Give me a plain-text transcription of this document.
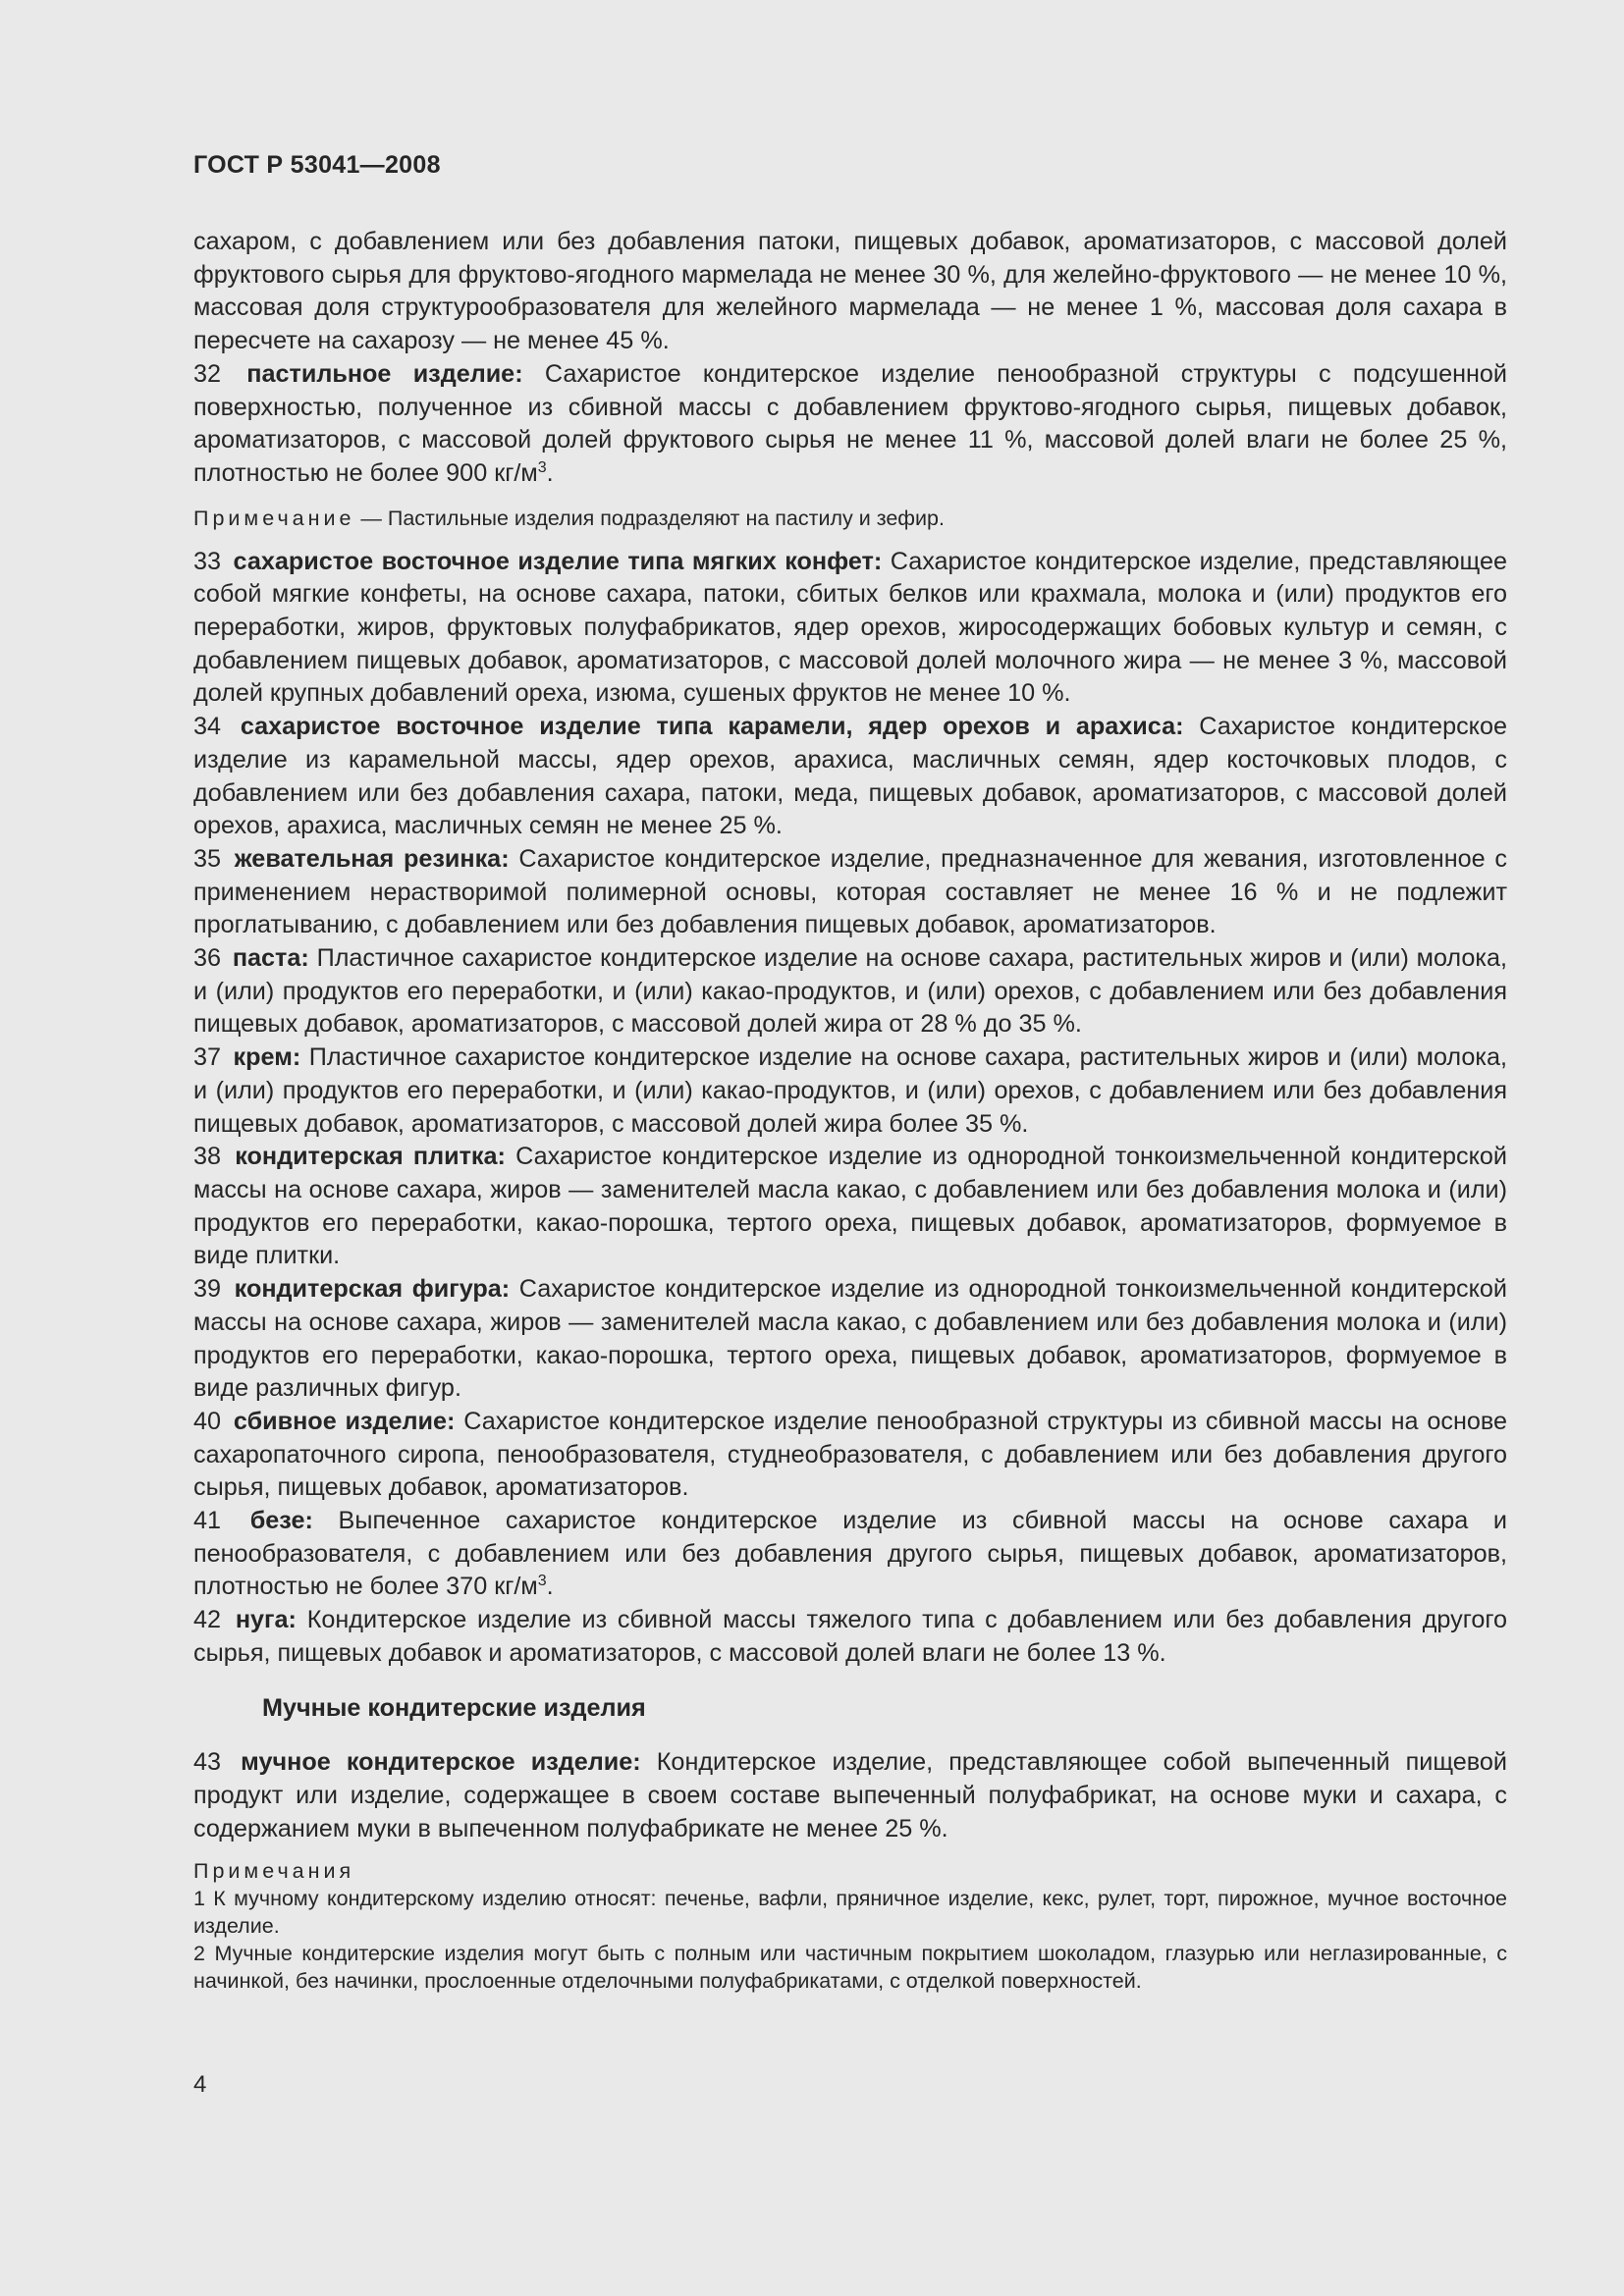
ГОСТ Р 53041—2008

сахаром, с добавлением или без добавления патоки, пищевых добавок, ароматизаторов, с массовой долей фруктового сырья для фруктово-ягодного мармелада не менее 30 %, для желейно-фруктового — не менее 10 %, массовая доля структурообразователя для желейного мармелада — не менее 1 %, массовая доля сахара в пересчете на сахарозу — не менее 45 %.

32 пастильное изделие: Сахаристое кондитерское изделие пенообразной структуры с подсушенной поверхностью, полученное из сбивной массы с добавлением фруктово-ягодного сырья, пищевых добавок, ароматизаторов, с массовой долей фруктового сырья не менее 11 %, массовой долей влаги не более 25 %, плотностью не более 900 $кг/м^3$.

Примечание — Пастильные изделия подразделяют на пастилу и зефир.

33 сахаристое восточное изделие типа мягких конфет: Сахаристое кондитерское изделие, представляющее собой мягкие конфеты, на основе сахара, патоки, сбитых белков или крахмала, молока и (или) продуктов его переработки, жиров, фруктовых полуфабрикатов, ядер орехов, жиросодержащих бобовых культур и семян, с добавлением пищевых добавок, ароматизаторов, с массовой долей молочного жира — не менее 3 %, массовой долей крупных добавлений ореха, изюма, сушеных фруктов не менее 10 %.

34 сахаристое восточное изделие типа карамели, ядер орехов и арахиса: Сахаристое кондитерское изделие из карамельной массы, ядер орехов, арахиса, масличных семян, ядер косточковых плодов, с добавлением или без добавления сахара, патоки, меда, пищевых добавок, ароматизаторов, с массовой долей орехов, арахиса, масличных семян не менее 25 %.

35 жевательная резинка: Сахаристое кондитерское изделие, предназначенное для жевания, изготовленное с применением нерастворимой полимерной основы, которая составляет не менее 16 % и не подлежит проглатыванию, с добавлением или без добавления пищевых добавок, ароматизаторов.

36 паста: Пластичное сахаристое кондитерское изделие на основе сахара, растительных жиров и (или) молока, и (или) продуктов его переработки, и (или) какао-продуктов, и (или) орехов, с добавлением или без добавления пищевых добавок, ароматизаторов, с массовой долей жира от 28 % до 35 %.

37 крем: Пластичное сахаристое кондитерское изделие на основе сахара, растительных жиров и (или) молока, и (или) продуктов его переработки, и (или) какао-продуктов, и (или) орехов, с добавлением или без добавления пищевых добавок, ароматизаторов, с массовой долей жира более 35 %.

38 кондитерская плитка: Сахаристое кондитерское изделие из однородной тонкоизмельченной кондитерской массы на основе сахара, жиров — заменителей масла какао, с добавлением или без добавления молока и (или) продуктов его переработки, какао-порошка, тертого ореха, пищевых добавок, ароматизаторов, формуемое в виде плитки.

39 кондитерская фигура: Сахаристое кондитерское изделие из однородной тонкоизмельченной кондитерской массы на основе сахара, жиров — заменителей масла какао, с добавлением или без добавления молока и (или) продуктов его переработки, какао-порошка, тертого ореха, пищевых добавок, ароматизаторов, формуемое в виде различных фигур.

40 сбивное изделие: Сахаристое кондитерское изделие пенообразной структуры из сбивной массы на основе сахаропаточного сиропа, пенообразователя, студнеобразователя, с добавлением или без добавления другого сырья, пищевых добавок, ароматизаторов.

41 безе: Выпеченное сахаристое кондитерское изделие из сбивной массы на основе сахара и пенообразователя, с добавлением или без добавления другого сырья, пищевых добавок, ароматизаторов, плотностью не более 370 $кг/м^3$.

42 нуга: Кондитерское изделие из сбивной массы тяжелого типа с добавлением или без добавления другого сырья, пищевых добавок и ароматизаторов, с массовой долей влаги не более 13 %.

Мучные кондитерские изделия

43 мучное кондитерское изделие: Кондитерское изделие, представляющее собой выпеченный пищевой продукт или изделие, содержащее в своем составе выпеченный полуфабрикат, на основе муки и сахара, с содержанием муки в выпеченном полуфабрикате не менее 25 %.

Примечания

1 К мучному кондитерскому изделию относят: печенье, вафли, пряничное изделие, кекс, рулет, торт, пирожное, мучное восточное изделие.

2 Мучные кондитерские изделия могут быть с полным или частичным покрытием шоколадом, глазурью или неглазированные, с начинкой, без начинки, прослоенные отделочными полуфабрикатами, с отделкой поверхностей.

4
